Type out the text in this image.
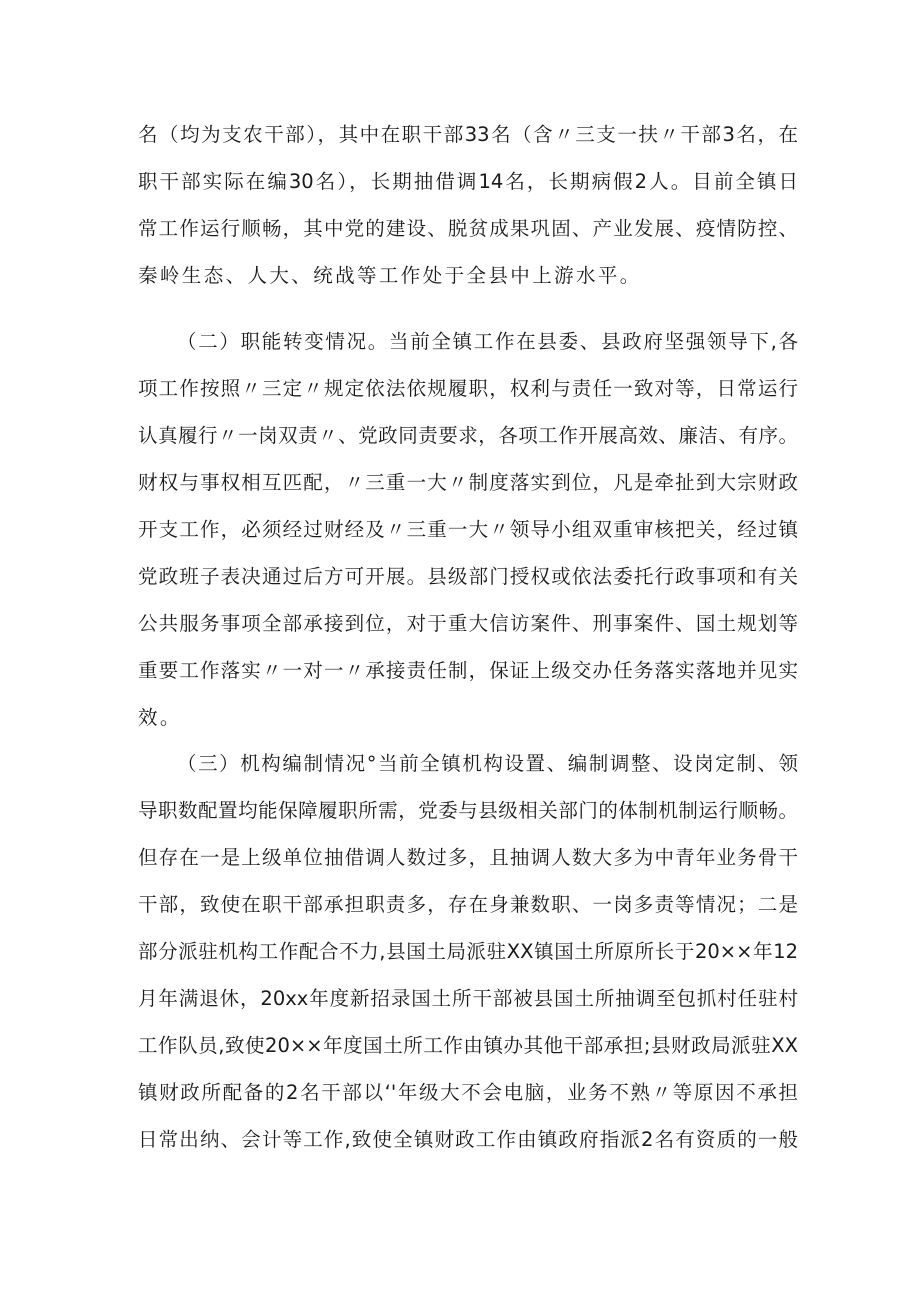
名（均为支农干部），其中在职干部33名（含〃三支一扶〃干部3名，在
职干部实际在编30名），长期抽借调14名，长期病假2人。目前全镇日
常工作运行顺畅，其中党的建设、脱贫成果巩固、产业发展、疫情防控、
秦岭生态、人大、统战等工作处于全县中上游水平。
（二）职能转变情况。当前全镇工作在县委、县政府坚强领导下,各
项工作按照〃三定〃规定依法依规履职，权利与责任一致对等，日常运行
认真履行〃一岗双责〃、党政同责要求，各项工作开展高效、廉洁、有序。
财权与事权相互匹配，〃三重一大〃制度落实到位，凡是牵扯到大宗财政
开支工作，必须经过财经及〃三重一大〃领导小组双重审核把关，经过镇
党政班子表决通过后方可开展。县级部门授权或依法委托行政事项和有关
公共服务事项全部承接到位，对于重大信访案件、刑事案件、国土规划等
重要工作落实〃一对一〃承接责任制，保证上级交办任务落实落地并见实
效。
（三）机构编制情况°当前全镇机构设置、编制调整、设岗定制、领
导职数配置均能保障履职所需，党委与县级相关部门的体制机制运行顺畅。
但存在一是上级单位抽借调人数过多，且抽调人数大多为中青年业务骨干
干部，致使在职干部承担职责多，存在身兼数职、一岗多责等情况；二是
部分派驻机构工作配合不力,县国土局派驻XX镇国土所原所长于20××年12
月年满退休，20xx年度新招录国土所干部被县国土所抽调至包抓村任驻村
工作队员,致使20××年度国土所工作由镇办其他干部承担;县财政局派驻XX
镇财政所配备的2名干部以‘'年级大不会电脑，业务不熟〃等原因不承担
日常出纳、会计等工作,致使全镇财政工作由镇政府指派2名有资质的一般
